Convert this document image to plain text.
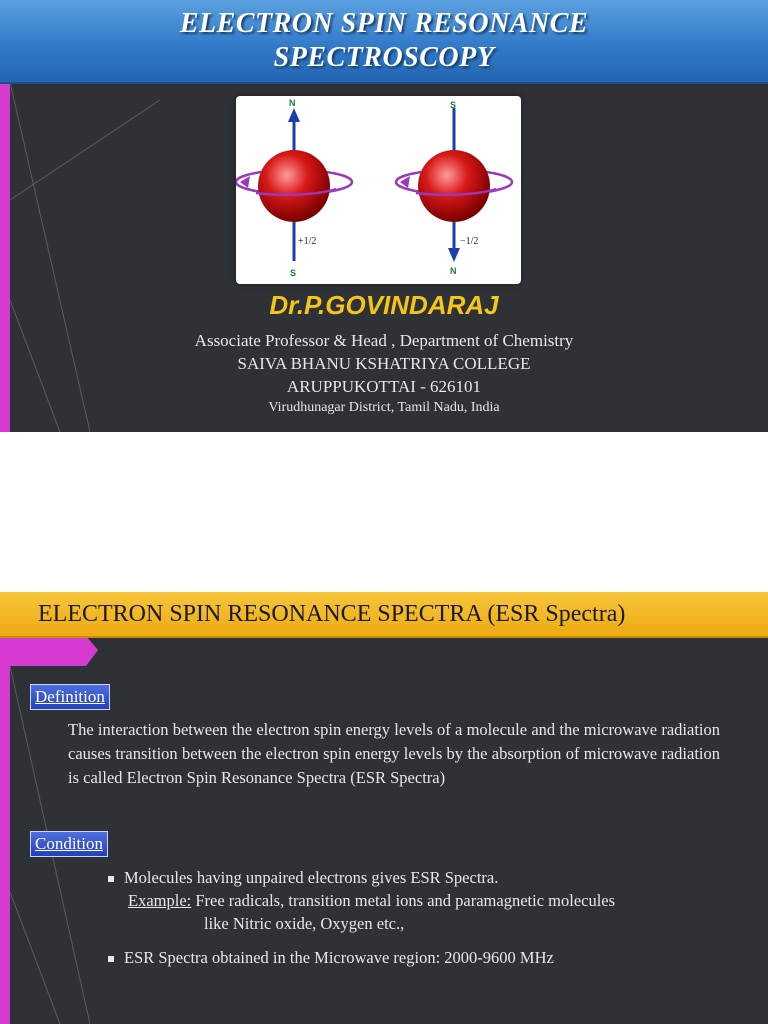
ELECTRON SPIN RESONANCE
SPECTROSCOPY
N
S
+1/2
S
N
−1/2
Dr.P.GOVINDARAJ
Associate Professor & Head , Department of Chemistry
SAIVA BHANU KSHATRIYA COLLEGE
ARUPPUKOTTAI - 626101
Virudhunagar District, Tamil Nadu, India
ELECTRON SPIN RESONANCE SPECTRA (ESR Spectra)
Definition
The interaction between the electron spin energy levels of a molecule and the microwave radiation causes transition between the electron spin energy levels by the absorption of microwave radiation is called Electron Spin Resonance Spectra (ESR Spectra)
Condition
Molecules having unpaired electrons gives ESR Spectra.
Example: Free radicals, transition metal ions and paramagnetic molecules
like Nitric oxide, Oxygen etc.,
ESR Spectra obtained in the Microwave region: 2000-9600 MHz
